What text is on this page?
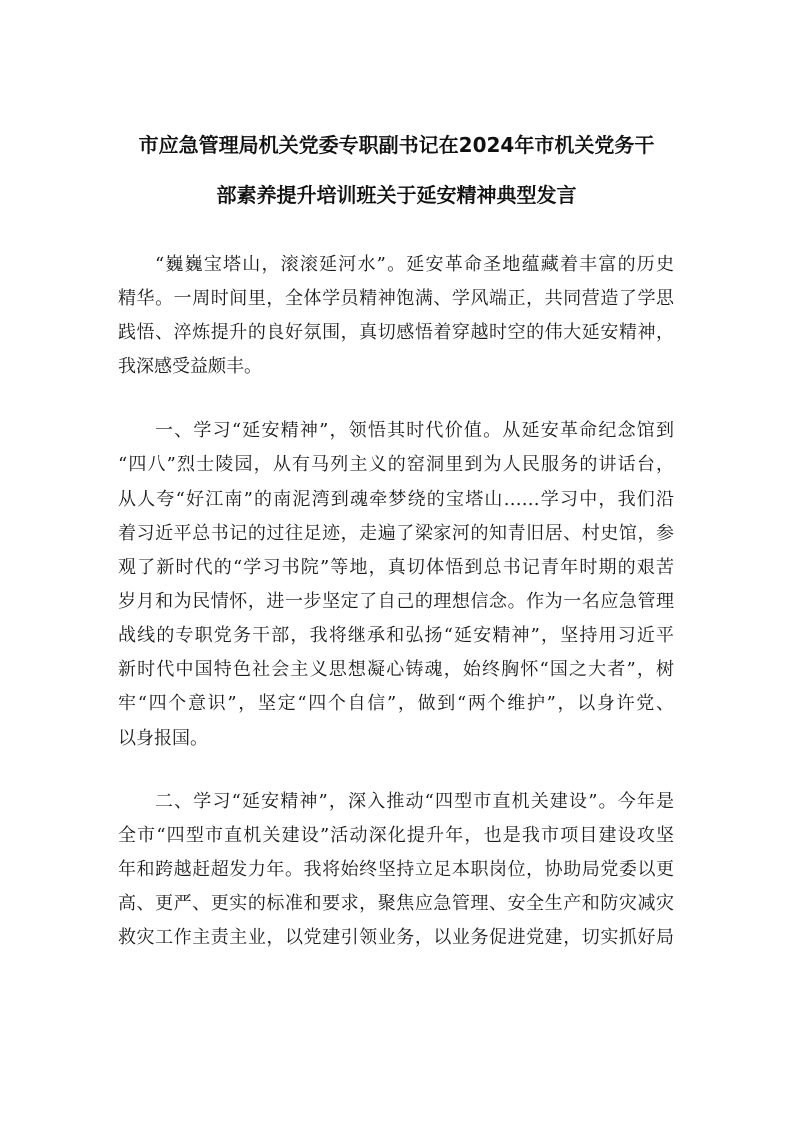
市应急管理局机关党委专职副书记在2024年市机关党务干
部素养提升培训班关于延安精神典型发言
“巍巍宝塔山，滚滚延河水”。延安革命圣地蕴藏着丰富的历史
精华。一周时间里，全体学员精神饱满、学风端正，共同营造了学思
践悟、淬炼提升的良好氛围，真切感悟着穿越时空的伟大延安精神，
我深感受益颇丰。
一、学习“延安精神”，领悟其时代价值。从延安革命纪念馆到
“四八”烈士陵园，从有马列主义的窑洞里到为人民服务的讲话台，
从人夸“好江南”的南泥湾到魂牵梦绕的宝塔山……学习中，我们沿
着习近平总书记的过往足迹，走遍了梁家河的知青旧居、村史馆，参
观了新时代的“学习书院”等地，真切体悟到总书记青年时期的艰苦
岁月和为民情怀，进一步坚定了自己的理想信念。作为一名应急管理
战线的专职党务干部，我将继承和弘扬“延安精神”，坚持用习近平
新时代中国特色社会主义思想凝心铸魂，始终胸怀“国之大者”，树
牢“四个意识”，坚定“四个自信”，做到“两个维护”，以身许党、
以身报国。
二、学习“延安精神”，深入推动“四型市直机关建设”。今年是
全市“四型市直机关建设”活动深化提升年，也是我市项目建设攻坚
年和跨越赶超发力年。我将始终坚持立足本职岗位，协助局党委以更
高、更严、更实的标准和要求，聚焦应急管理、安全生产和防灾减灾
救灾工作主责主业，以党建引领业务，以业务促进党建，切实抓好局
